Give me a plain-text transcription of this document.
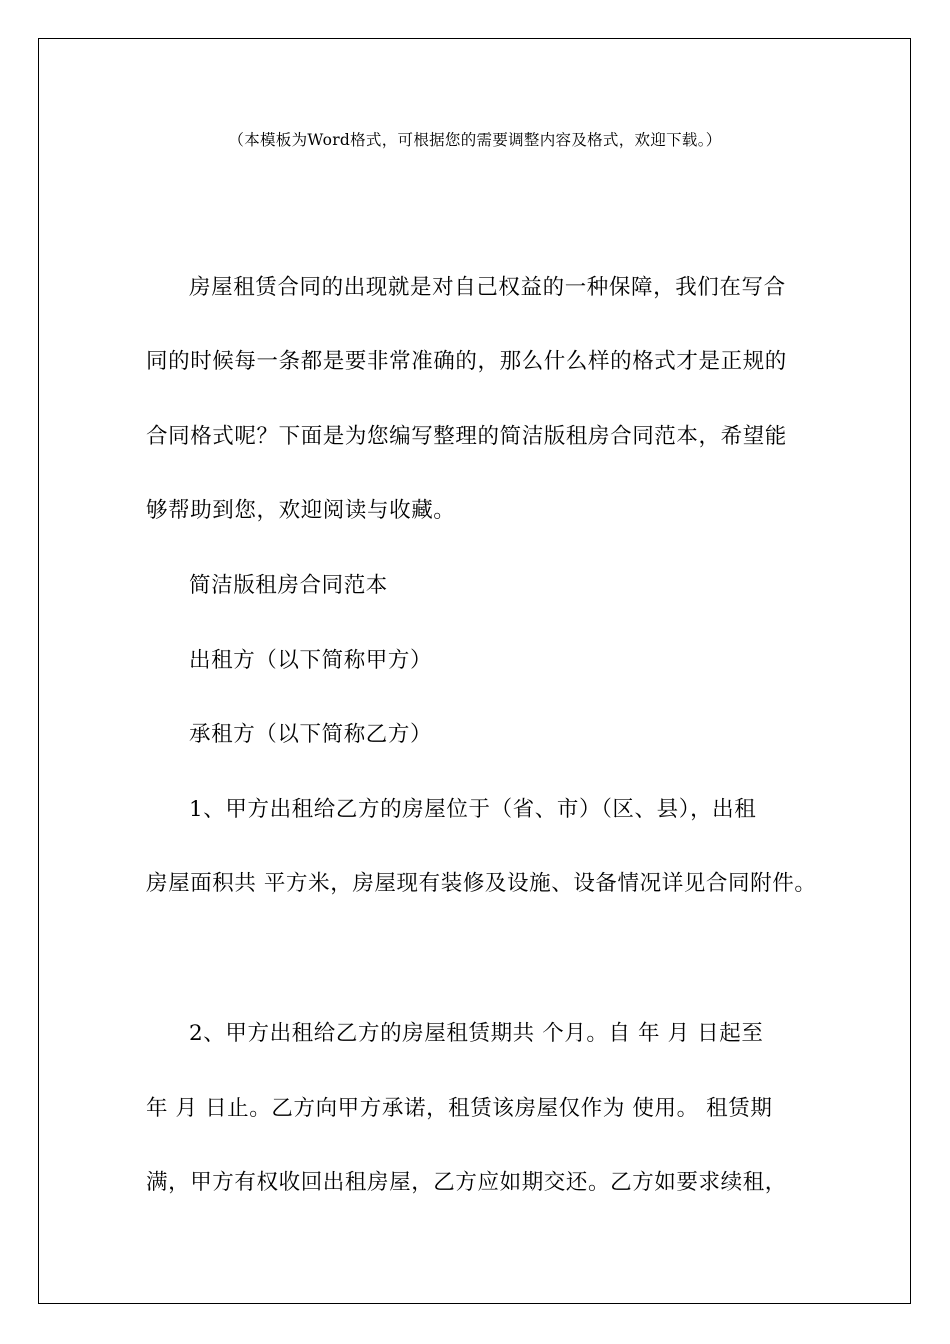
（本模板为Word格式，可根据您的需要调整内容及格式，欢迎下载。）
房屋租赁合同的出现就是对自己权益的一种保障，我们在写合
同的时候每一条都是要非常准确的，那么什么样的格式才是正规的
合同格式呢？下面是为您编写整理的简洁版租房合同范本，希望能
够帮助到您，欢迎阅读与收藏。
简洁版租房合同范本
出租方（以下简称甲方）
承租方（以下简称乙方）
1、甲方出租给乙方的房屋位于（省、市）（区、县），出租
房屋面积共 平方米，房屋现有装修及设施、设备情况详见合同附件。
2、甲方出租给乙方的房屋租赁期共 个月。自 年 月 日起至
年 月 日止。乙方向甲方承诺，租赁该房屋仅作为 使用。 租赁期
满，甲方有权收回出租房屋，乙方应如期交还。乙方如要求续租，
